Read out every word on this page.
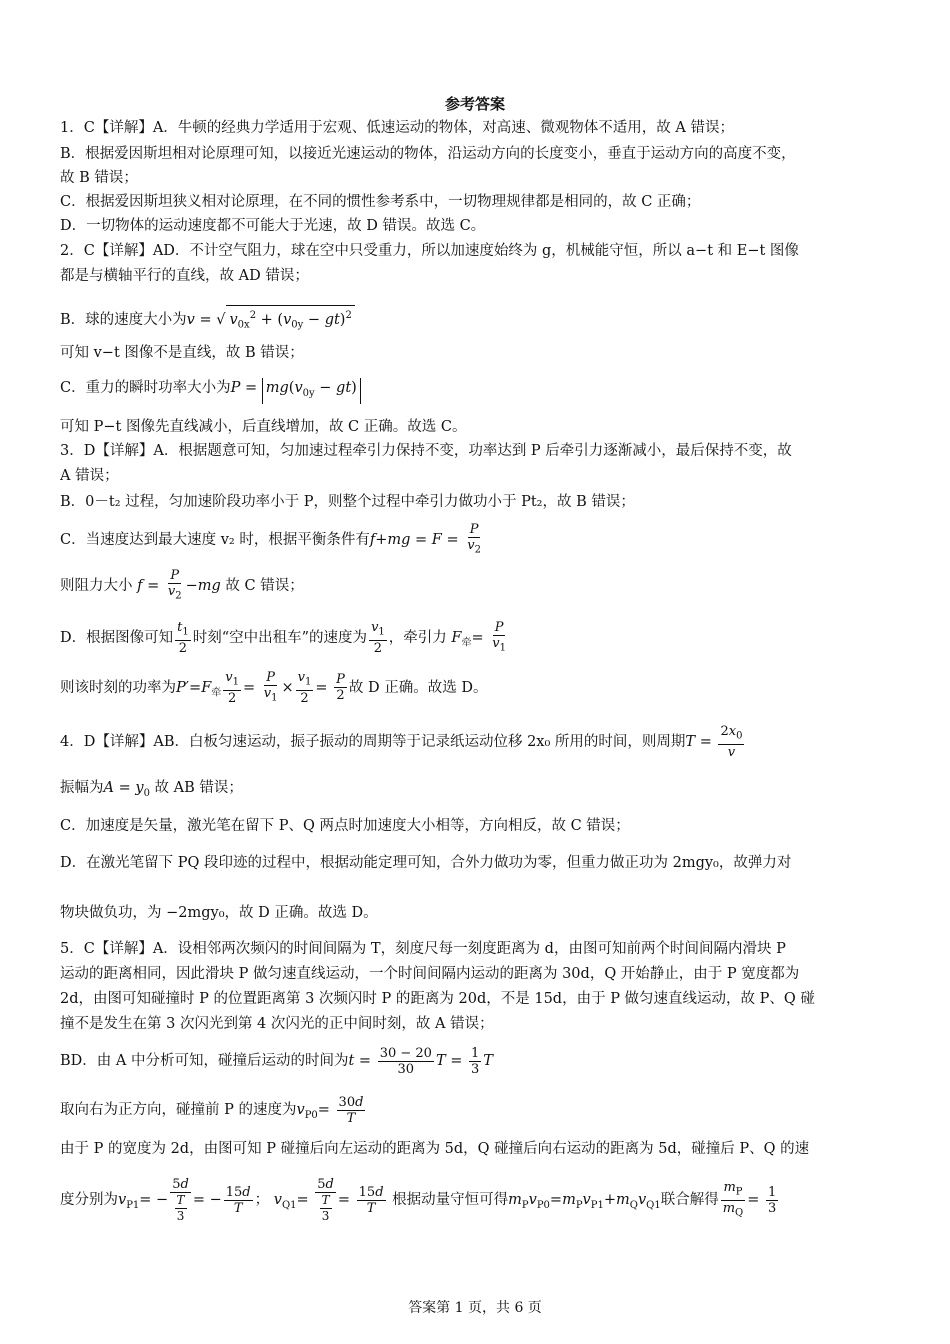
参考答案
1．C【详解】A．牛顿的经典力学适用于宏观、低速运动的物体，对高速、微观物体不适用，故 A 错误；
B．根据爱因斯坦相对论原理可知，以接近光速运动的物体，沿运动方向的长度变小，垂直于运动方向的高度不变，
故 B 错误；
C．根据爱因斯坦狭义相对论原理，在不同的惯性参考系中，一切物理规律都是相同的，故 C 正确；
D．一切物体的运动速度都不可能大于光速，故 D 错误。故选 C。
2．C【详解】AD．不计空气阻力，球在空中只受重力，所以加速度始终为 g，机械能守恒，所以 a−t 和 E−t 图像
都是与横轴平行的直线，故 AD 错误；
B．球的速度大小为v = √ $v_{0x}^2 + (v_{0y} - gt)^2$
可知 v−t 图像不是直线，故 B 错误；
C．重力的瞬时功率大小为$P = mg(v_{0y} - gt)$
可知 P−t 图像先直线减小，后直线增加，故 C 正确。故选 C。
3．D【详解】A．根据题意可知，匀加速过程牵引力保持不变，功率达到 P 后牵引力逐渐减小，最后保持不变，故
A 错误；
B．0－t₂ 过程，匀加速阶段功率小于 P，则整个过程中牵引力做功小于 Pt₂，故 B 错误；
C．当速度达到最大速度 v₂ 时，根据平衡条件有$f+mg = F = \frac{P}{v_2}$
则阻力大小 $f = \frac{P}{v_2} -mg$ 故 C 错误；
D．根据图像可知 $\frac{t_1}{2}$ 时刻“空中出租车”的速度为 $\frac{v_1}{2}$ ，牵引力 $F_牵= \frac{P}{v_1}$
则该时刻的功率为$P'=F_牵 \frac{v_1}{2} = \frac{P}{v_1} \times \frac{v_1}{2} = \frac{P}{2}$ 故 D 正确。故选 D。
4．D【详解】AB．白板匀速运动，振子振动的周期等于记录纸运动位移 2x₀ 所用的时间，则周期$T = \frac{2x_0}{v}$
振幅为$A = y_0$ 故 AB 错误；
C．加速度是矢量，激光笔在留下 P、Q 两点时加速度大小相等，方向相反，故 C 错误；
D．在激光笔留下 PQ 段印迹的过程中，根据动能定理可知，合外力做功为零，但重力做正功为 2mgy₀，故弹力对
物块做负功，为 −2mgy₀，故 D 正确。故选 D。
5．C【详解】A．设相邻两次频闪的时间间隔为 T，刻度尺每一刻度距离为 d，由图可知前两个时间间隔内滑块 P
运动的距离相同，因此滑块 P 做匀速直线运动，一个时间间隔内运动的距离为 30d，Q 开始静止，由于 P 宽度都为
2d，由图可知碰撞时 P 的位置距离第 3 次频闪时 P 的距离为 20d，不是 15d，由于 P 做匀速直线运动，故 P、Q 碰
撞不是发生在第 3 次闪光到第 4 次闪光的正中间时刻，故 A 错误；
BD．由 A 中分析可知，碰撞后运动的时间为$t = \frac{30 - 20}{30}$ $T = \frac{1}{3}$ T
取向右为正方向，碰撞前 P 的速度为$v_{P0}= \frac{30d}{T}$
由于 P 的宽度为 2d，由图可知 P 碰撞后向左运动的距离为 5d，Q 碰撞后向右运动的距离为 5d，碰撞后 P、Q 的速
度分别为$v_{P1}= - \frac{5d}{\frac{T}{3}}$ = − $\frac{15d}{T}$ ； $v_{Q1}= \frac{5d}{\frac{T}{3}} = \frac{15d}{T}$ 根据动量守恒可得$m_Pv_{P0}=m_Pv_{P1}+m_Qv_{Q1}$联合解得 $\frac{m_P}{m_Q} = \frac{1}{3}$
答案第 1 页，共 6 页
